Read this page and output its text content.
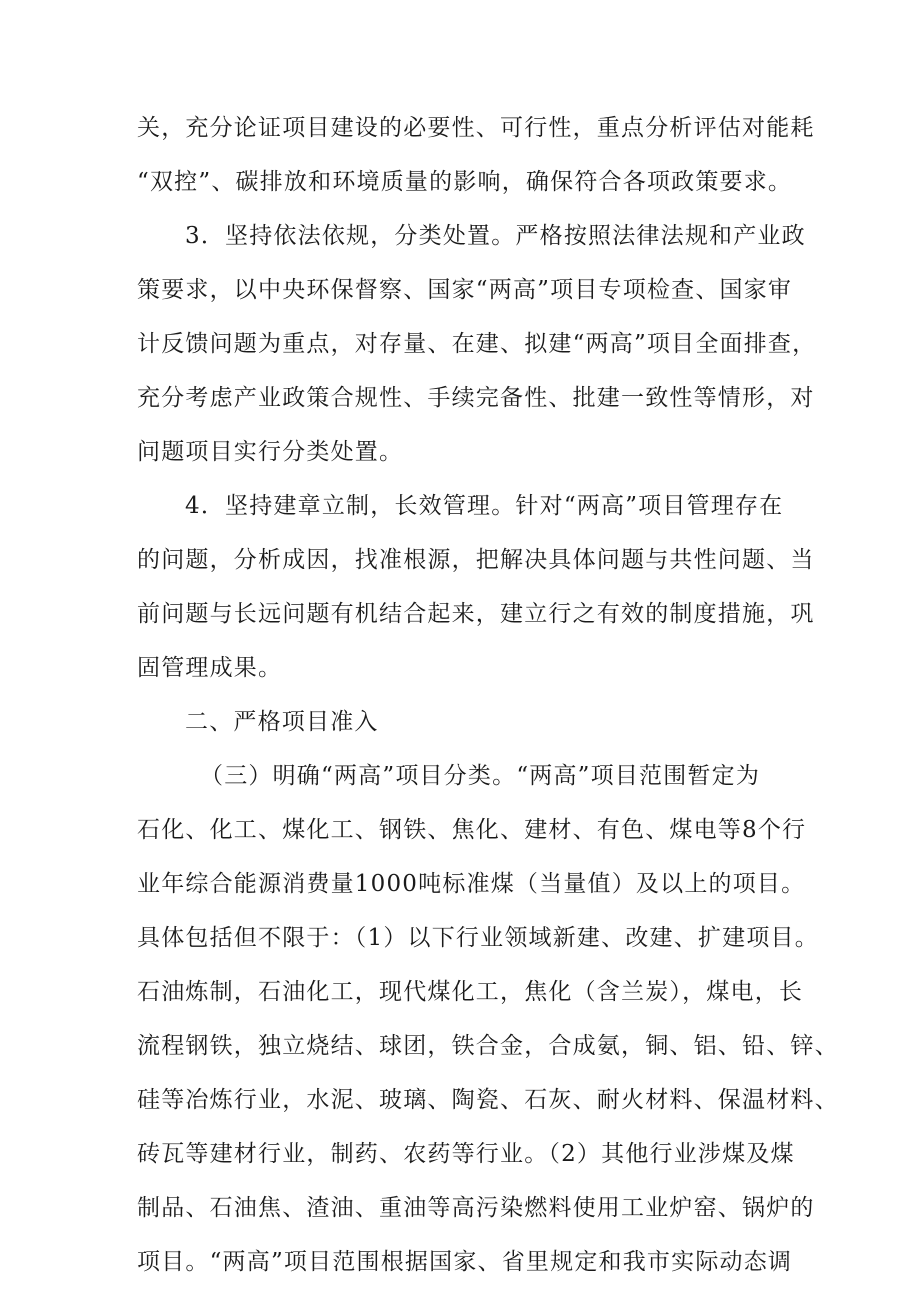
关，充分论证项目建设的必要性、可行性，重点分析评估对能耗
“双控”、碳排放和环境质量的影响，确保符合各项政策要求。
3．坚持依法依规，分类处置。严格按照法律法规和产业政
策要求，以中央环保督察、国家“两高”项目专项检查、国家审
计反馈问题为重点，对存量、在建、拟建“两高”项目全面排查，
充分考虑产业政策合规性、手续完备性、批建一致性等情形，对
问题项目实行分类处置。
4．坚持建章立制，长效管理。针对“两高”项目管理存在
的问题，分析成因，找准根源，把解决具体问题与共性问题、当
前问题与长远问题有机结合起来，建立行之有效的制度措施，巩
固管理成果。
二、严格项目准入
（三）明确“两高”项目分类。“两高”项目范围暂定为
石化、化工、煤化工、钢铁、焦化、建材、有色、煤电等8个行
业年综合能源消费量1000吨标准煤（当量值）及以上的项目。
具体包括但不限于：（1）以下行业领域新建、改建、扩建项目。
石油炼制，石油化工，现代煤化工，焦化（含兰炭），煤电，长
流程钢铁，独立烧结、球团，铁合金，合成氨，铜、铝、铅、锌、
硅等冶炼行业，水泥、玻璃、陶瓷、石灰、耐火材料、保温材料、
砖瓦等建材行业，制药、农药等行业。（2）其他行业涉煤及煤
制品、石油焦、渣油、重油等高污染燃料使用工业炉窑、锅炉的
项目。“两高”项目范围根据国家、省里规定和我市实际动态调
